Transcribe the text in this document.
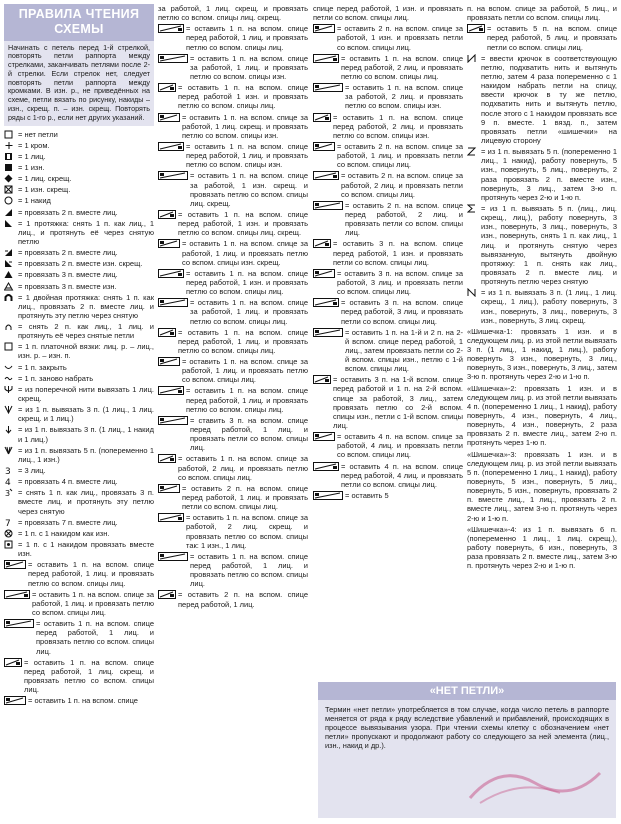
ПРАВИЛА ЧТЕНИЯ СХЕМЫ
Начинать с петель перед 1-й стрелкой, повторять петли раппорта между стрелками, заканчивать петлями после 2-й стрелки. Если стрелок нет, следует повторять петли раппорта между кромками. В изн. р., не приведённых на схеме, петли вязать по рисунку, накиды – изн., скрещ. п. – изн. скрещ. Повторять ряды с 1-го р., если нет других указаний.
= нет петли
= 1 кром.
= 1 лиц.
= 1 изн.
= 1 лиц. скрещ.
= 1 изн. скрещ.
= 1 накид
= провязать 2 п. вместе лиц.
= 1 протяжка: снять 1 п. как лиц., 1 лиц., и протянуть её через снятую петлю
= провязать 2 п. вместе лиц.
= провязать 2 п. вместе изн. скрещ.
= провязать 3 п. вместе лиц.
= провязать 3 п. вместе изн.
= 1 двойная протяжка: снять 1 п. как лиц., провязать 2 п. вместе лиц. и протянуть эту петлю через снятую
= снять 2 п. как лиц., 1 лиц. и протянуть её через снятые петли
= 1 п. платочной вязки: лиц. р. – лиц., изн. р. – изн. п.
= 1 п. закрыть
= 1 п. заново набрать
= из поперечной нити вывязать 1 лиц. скрещ.
= из 1 п. вывязать 3 п. (1 лиц., 1 лиц. скрещ. и 1 лиц.)
= из 1 п. вывязать 3 п. (1 лиц., 1 накид и 1 лиц.)
= из 1 п. вывязать 5 п. (попеременно 1 лиц., 1 изн.)
3 = 3 лиц.
4 = провязать 4 п. вместе лиц.
3 = снять 1 п. как лиц., провязать 3 п. вместе лиц. и протянуть эту петлю через снятую
7 = провязать 7 п. вместе лиц.
= 1 п. с 1 накидом как изн.
= 1 п. с 1 накидом провязать вместе изн.
= оставить 1 п. на вспом. спице перед работой, 1 лиц. и провязать петлю со вспом. спицы лиц.
= оставить 1 п. на вспом. спице за работой, 1 лиц. и провязать петлю со вспом. спицы лиц.
= оставить 1 п. на вспом. спице перед работой, 1 лиц. и провязать петлю со вспом. спицы лиц.
= оставить 1 п. на вспом. спице перед работой, 1 лиц. скрещ. и провязать петлю со вспом. спицы лиц.
= оставить 1 п. на вспом. спице
за работой, 1 лиц. скрещ. и провязать петлю со вспом. спицы лиц. скрещ.
= оставить 1 п. на вспом. спице перед работой, 1 лиц. и провязать петлю со вспом. спицы лиц.
= оставить 1 п. на вспом. спице за работой, 1 лиц. и провязать петлю со вспом. спицы изн.
= оставить 1 п. на вспом. спице перед работой 1 изн. и провязать петлю со вспом. спицы лиц.
= оставить 1 п. на вспом. спице за работой, 1 лиц. скрещ. и провязать петлю со вспом. спицы изн.
= оставить 1 п. на вспом. спице перед работой, 1 лиц. и провязать петлю со вспом. спицы изн.
= оставить 1 п. на вспом. спице за работой, 1 изн. скрещ. и провязать петлю со вспом. спицы лиц. скрещ.
= оставить 1 п. на вспом. спице перед работой, 1 изн. и провязать петлю со вспом. спицы лиц. скрещ.
= оставить 1 п. на вспом. спице за работой, 1 лиц. и провязать петлю со вспом. спицы изн. скрещ.
= оставить 1 п. на вспом. спице перед работой, 1 изн. и провязать петлю со вспом. спицы лиц.
= оставить 1 п. на вспом. спице за работой, 1 лиц. и провязать петлю со вспом. спицы лиц.
= оставить 1 п. на вспом. спице перед работой, 1 лиц. и провязать петлю со вспом. спицы лиц.
= оставить 1 п. на вспом. спице за работой, 1 лиц. и провязать петлю со вспом. спицы лиц.
= оставить 1 п. на вспом. спице перед работой, 1 лиц. и провязать петлю со вспом. спицы лиц.
= ставить 3 п. на вспом. спице перед работой, 1 лиц. и провязать петли со вспом. спицы лиц.
= оставить 1 п. на вспом. спице за работой, 2 лиц. и провязать петлю со вспом. спицы лиц.
= оставить 2 п. на вспом. спице перед работой, 1 лиц. и провязать петли со вспом. спицы лиц.
= оставить 1 п. на вспом. спице за работой, 2 лиц. скрещ. и провязать петлю со вспом. спицы так: 1 изн., 1 лиц.
= оставить 1 п. на вспом. спице перед работой, 1 лиц. и провязать петлю со вспом. спицы лиц.
= оставить 2 п. на вспом. спице перед работой, 1 лиц.
спице перед работой, 1 изн. и провязать петли со вспом. спицы лиц.
= оставить 2 п. на вспом. спице за работой, 1 изн. и провязать петли со вспом. спицы лиц.
= оставить 1 п. на вспом. спице перед работой, 2 лиц. и провязать петлю со вспом. спицы лиц.
= оставить 1 п. на вспом. спице за работой, 2 лиц. и провязать петлю со вспом. спицы изн.
= оставить 1 п. на вспом. спице перед работой, 2 лиц. и провязать петлю со вспом. спицы изн.
= оставить 2 п. на вспом. спице за работой, 1 лиц. и провязать петли со вспом. спицы лиц.
= оставить 2 п. на вспом. спице за работой, 2 лиц. и провязать петли со вспом. спицы лиц.
= оставить 2 п. на вспом. спице перед работой, 2 лиц. и провязать петли со вспом. спицы лиц.
= оставить 3 п. на вспом. спице перед работой, 1 изн. и провязать петли со вспом. спицы лиц.
= оставить 3 п. на вспом. спице за работой, 3 лиц. и провязать петли со вспом. спицы лиц.
= оставить 3 п. на вспом. спице перед работой, 3 лиц. и провязать петли со вспом. спицы лиц.
= оставить 1 п. на 1-й и 2 п. на 2-й вспом. спице перед работой, 1 лиц., затем провязать петли со 2-й вспом. спицы изн., петлю с 1-й вспом. спицы лиц.
= оставить 3 п. на 1-й вспом. спице перед работой и 1 п. на 2-й вспом. спице за работой, 3 лиц., затем провязать петлю со 2-й вспом. спицы изн., петли с 1-й вспом. спицы лиц.
= оставить 4 п. на вспом. спице за работой, 4 лиц. и провязать петли со вспом. спицы лиц.
= оставить 4 п. на вспом. спице перед работой, 4 лиц. и провязать петли со вспом. спицы лиц.
= оставить 5
п. на вспом. спице за работой, 5 лиц., и провязать петли со вспом. спицы лиц.
= оставить 5 п. на вспом. спице перед работой, 5 лиц. и провязать петли со вспом. спицы лиц.
= ввести крючок в соответствующую петлю, подхватить нить и вытянуть петлю, затем 4 раза попеременно с 1 накидом набрать петли на спицу, ввести крючок в ту же петлю, подхватить нить и вытянуть петлю, после этого с 1 накидом провязать все 9 п. вместе. 1 вязд. п., затем провязать петли «шишечки» на лицевую сторону
= из 1 п. вывязать 5 п. (попеременно 1 лиц., 1 накид), работу повернуть, 5 изн., повернуть, 5 лиц., повернуть, 2 раза провязать 2 п. вместе изн., повернуть, 3 лиц., затем 3-ю п. протянуть через 2-ю и 1-ю п.
= из 1 п. вывязать 5 п. (лиц., лиц. скрещ., лиц.), работу повернуть, 3 изн., повернуть, 3 лиц., повернуть, 3 изн., повернуть, снять 1 п. как лиц., 1 лиц. и протянуть снятую через вывязанную, вытянуть двойную протяжку: 1 п. снять как лиц., провязать 2 п. вместе лиц. и протянуть петлю через снятую
= из 1 п. вывязать 3 п. (1 лиц., 1 лиц. скрещ., 1 лиц.), работу повернуть, 3 изн., повернуть, 3 лиц., повернуть, 3 изн., повернуть, 3 лиц. скрещ.
«Шишечка-1: провязать 1 изн. и в следующем лиц. р. из этой петли вывязать 3 п. (1 лиц., 1 накид, 1 лиц.), работу повернуть 3 изн., повернуть, 3 лиц., повернуть, 3 изн., повернуть, 3 лиц., затем 3-ю п. протянуть через 2-ю и 1-ю п.
«Шишечка»-2: провязать 1 изн. и в следующем лиц. р. из этой петли вывязать 4 п. (попеременно 1 лиц., 1 накид), работу повернуть, 4 изн., повернуть, 4 лиц., повернуть, 4 изн., повернуть, 2 раза провязать 2 п. вместе лиц., затем 2-ю п. протянуть через 1-ю п.
«Шишечка»-3: провязать 1 изн. и в следующем лиц. р. из этой петли вывязать 5 п. (попеременно 1 лиц., 1 накид), работу повернуть, 5 изн., повернуть, 5 лиц., повернуть, 5 изн., повернуть, провязать 2 п. вместе лиц., 1 лиц., провязать 2 п. вместе лиц., затем 3-ю п. протянуть через 2-ю и 1-ю п.
«Шишечка»-4: из 1 п. вывязать 6 п. (попеременно 1 лиц., 1 лиц. скрещ.), работу повернуть, 6 изн., повернуть, 3 раза провязать 2 п. вместе лиц., затем 3-ю п. протянуть через 2-ю и 1-ю п.
«НЕТ ПЕТЛИ»
Термин «нет петли» употребляется в том случае, когда число петель в раппорте меняется от ряда к ряду вследствие убавлений и прибавлений, происходящих в процессе вывязывания узора. При чтении схемы клетку с обозначением «нет петли» пропускают и продолжают работу со следующего за ней элемента (лиц., изн., накид и др.).
